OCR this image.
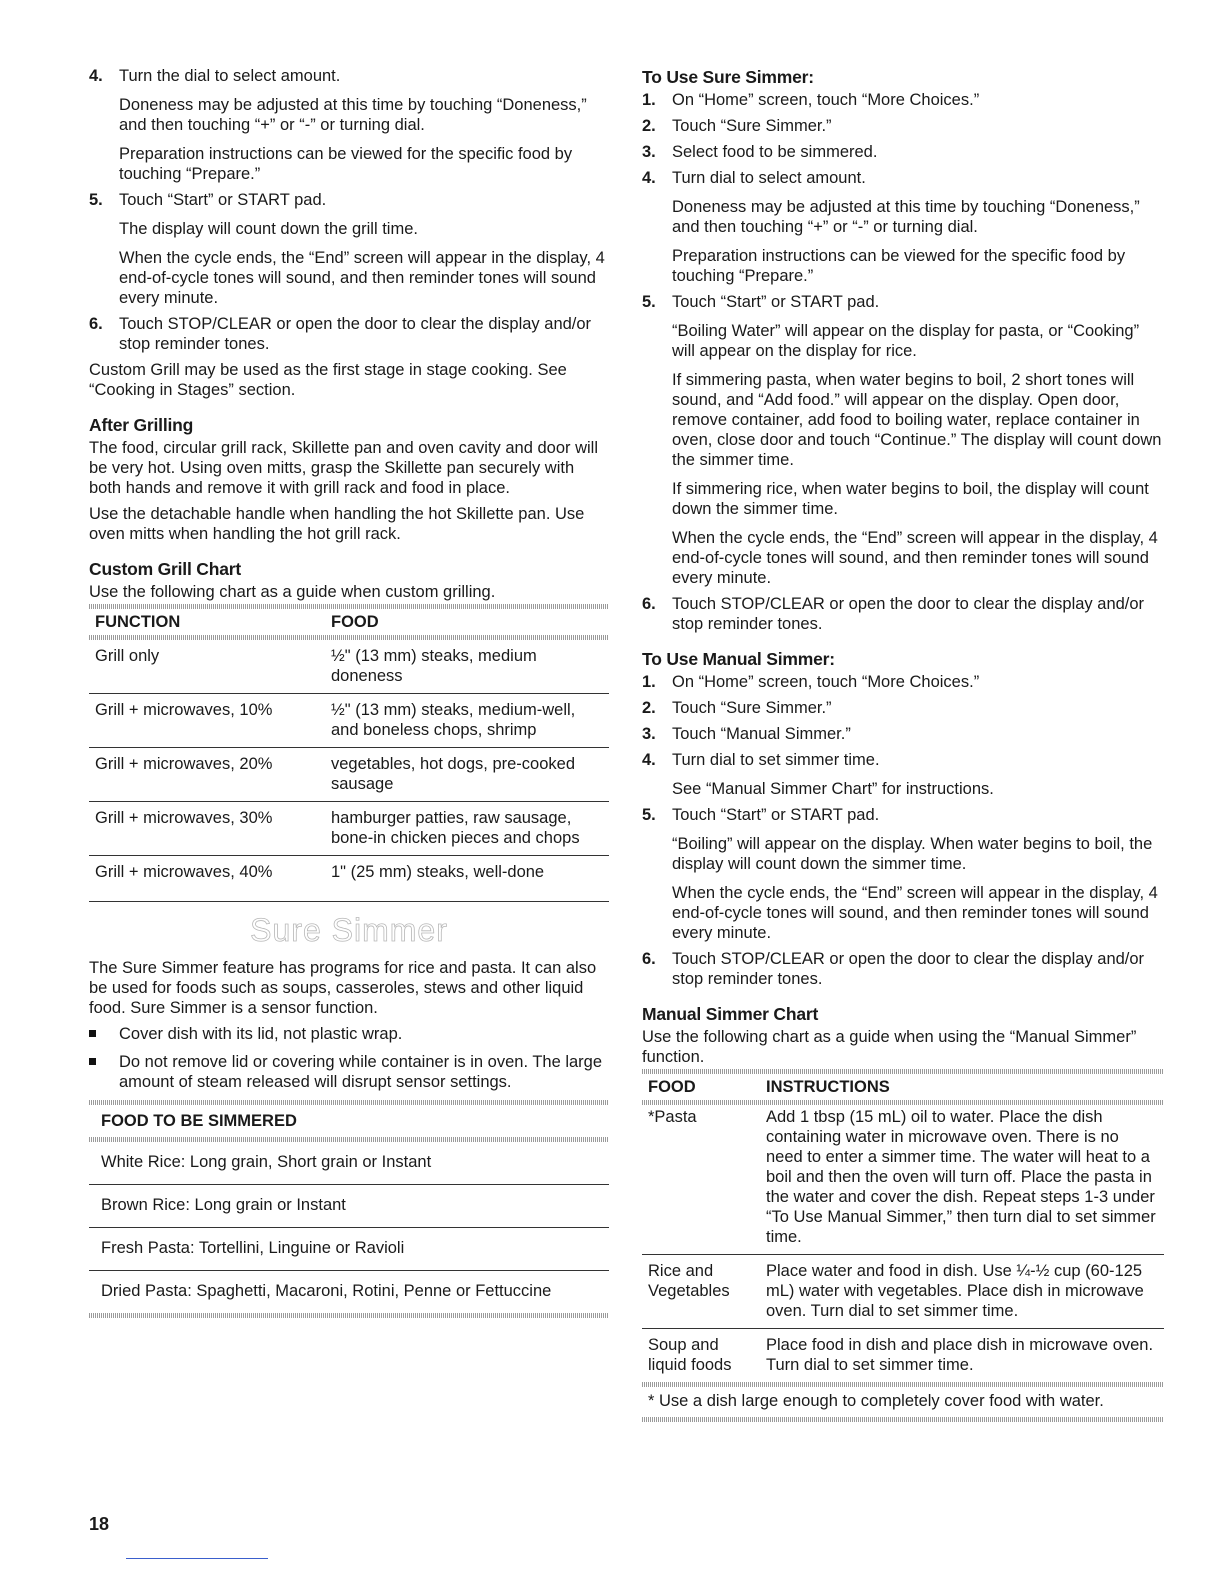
4. Turn the dial to select amount.

Doneness may be adjusted at this time by touching “Doneness,” and then touching “+” or “-” or turning dial.

Preparation instructions can be viewed for the specific food by touching “Prepare.”

5. Touch “Start” or START pad.

The display will count down the grill time.

When the cycle ends, the “End” screen will appear in the display, 4 end-of-cycle tones will sound, and then reminder tones will sound every minute.

6. Touch STOP/CLEAR or open the door to clear the display and/or stop reminder tones.

Custom Grill may be used as the first stage in stage cooking. See “Cooking in Stages” section.

After Grilling

The food, circular grill rack, Skillette pan and oven cavity and door will be very hot. Using oven mitts, grasp the Skillette pan securely with both hands and remove it with grill rack and food in place.

Use the detachable handle when handling the hot Skillette pan. Use oven mitts when handling the hot grill rack.

Custom Grill Chart

Use the following chart as a guide when custom grilling.

FUNCTION	FOOD
Grill only	½" (13 mm) steaks, medium doneness
Grill + microwaves, 10%	½" (13 mm) steaks, medium-well, and boneless chops, shrimp
Grill + microwaves, 20%	vegetables, hot dogs, pre-cooked sausage
Grill + microwaves, 30%	hamburger patties, raw sausage, bone-in chicken pieces and chops
Grill + microwaves, 40%	1" (25 mm) steaks, well-done
Sure Simmer

The Sure Simmer feature has programs for rice and pasta. It can also be used for foods such as soups, casseroles, stews and other liquid food. Sure Simmer is a sensor function.

Cover dish with its lid, not plastic wrap.
Do not remove lid or covering while container is in oven. The large amount of steam released will disrupt sensor settings.
FOOD TO BE SIMMERED
White Rice: Long grain, Short grain or Instant
Brown Rice: Long grain or Instant
Fresh Pasta: Tortellini, Linguine or Ravioli
Dried Pasta: Spaghetti, Macaroni, Rotini, Penne or Fettuccine
To Use Sure Simmer:
1. On “Home” screen, touch “More Choices.”

2. Touch “Sure Simmer.”

3. Select food to be simmered.

4. Turn dial to select amount.

Doneness may be adjusted at this time by touching “Doneness,” and then touching “+” or “-” or turning dial.

Preparation instructions can be viewed for the specific food by touching “Prepare.”

5. Touch “Start” or START pad.

“Boiling Water” will appear on the display for pasta, or “Cooking” will appear on the display for rice.

If simmering pasta, when water begins to boil, 2 short tones will sound, and “Add food.” will appear on the display. Open door, remove container, add food to boiling water, replace container in oven, close door and touch “Continue.” The display will count down the simmer time.

If simmering rice, when water begins to boil, the display will count down the simmer time.

When the cycle ends, the “End” screen will appear in the display, 4 end-of-cycle tones will sound, and then reminder tones will sound every minute.

6. Touch STOP/CLEAR or open the door to clear the display and/or stop reminder tones.

To Use Manual Simmer:
1. On “Home” screen, touch “More Choices.”

2. Touch “Sure Simmer.”

3. Touch “Manual Simmer.”

4. Turn dial to set simmer time.

See “Manual Simmer Chart” for instructions.

5. Touch “Start” or START pad.

“Boiling” will appear on the display. When water begins to boil, the display will count down the simmer time.

When the cycle ends, the “End” screen will appear in the display, 4 end-of-cycle tones will sound, and then reminder tones will sound every minute.

6. Touch STOP/CLEAR or open the door to clear the display and/or stop reminder tones.

Manual Simmer Chart

Use the following chart as a guide when using the “Manual Simmer” function.

FOOD	INSTRUCTIONS
*Pasta	Add 1 tbsp (15 mL) oil to water. Place the dish containing water in microwave oven. There is no need to enter a simmer time. The water will heat to a boil and then the oven will turn off. Place the pasta in the water and cover the dish. Repeat steps 1-3 under “To Use Manual Simmer,” then turn dial to set simmer time.
Rice and Vegetables	Place water and food in dish. Use ¼-½ cup (60-125 mL) water with vegetables. Place dish in microwave oven. Turn dial to set simmer time.
Soup and liquid foods	Place food in dish and place dish in microwave oven. Turn dial to set simmer time.
* Use a dish large enough to completely cover food with water.
18
